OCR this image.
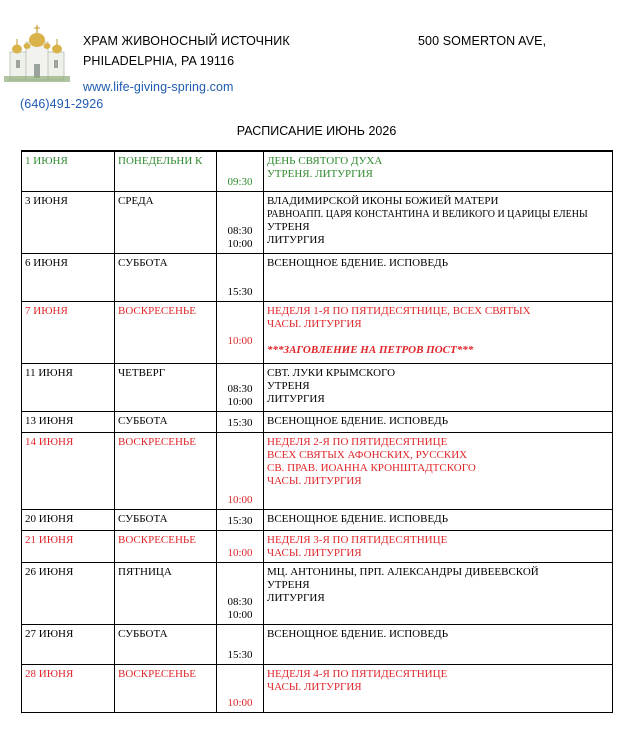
ХРАМ ЖИВОНОСНЫЙ ИСТОЧНИК	500 SOMERTON AVE,
PHILADELPHIA, PA 19116
www.life-giving-spring.com
(646)491-2926
РАСПИСАНИЕ ИЮНЬ 2026
1 ИЮНЯ	ПОНЕДЕЛЬНИ К	09:30	ДЕНЬ СВЯТОГО ДУХА
УТРЕНЯ. ЛИТУРГИЯ

3 ИЮНЯ	СРЕДА	08:30
10:00	ВЛАДИМИРСКОЙ ИКОНЫ БОЖИЕЙ МАТЕРИ
РАВНОАПП. ЦАРЯ КОНСТАНТИНА И ВЕЛИКОГО И ЦАРИЦЫ ЕЛЕНЫ
УТРЕНЯ
ЛИТУРГИЯ

6 ИЮНЯ	СУББОТА	15:30	ВСЕНОЩНОЕ БДЕНИЕ. ИСПОВЕДЬ

7 ИЮНЯ	ВОСКРЕСЕНЬЕ	10:00	НЕДЕЛЯ 1-Я ПО ПЯТИДЕСЯТНИЦЕ, ВСЕХ СВЯТЫХ
ЧАСЫ. ЛИТУРГИЯ

***ЗАГОВЛЕНИЕ НА ПЕТРОВ ПОСТ***

11 ИЮНЯ	ЧЕТВЕРГ	08:30
10:00	СВТ. ЛУКИ КРЫМСКОГО
УТРЕНЯ
ЛИТУРГИЯ

13 ИЮНЯ	СУББОТА	15:30	ВСЕНОЩНОЕ БДЕНИЕ. ИСПОВЕДЬ

14 ИЮНЯ	ВОСКРЕСЕНЬЕ	10:00	НЕДЕЛЯ 2-Я ПО ПЯТИДЕСЯТНИЦЕ
ВСЕХ СВЯТЫХ АФОНСКИХ, РУССКИХ
СВ. ПРАВ. ИОАННА КРОНШТАДТСКОГО
ЧАСЫ. ЛИТУРГИЯ

20 ИЮНЯ	СУББОТА	15:30	ВСЕНОЩНОЕ БДЕНИЕ. ИСПОВЕДЬ

21 ИЮНЯ	ВОСКРЕСЕНЬЕ	10:00	НЕДЕЛЯ 3-Я ПО ПЯТИДЕСЯТНИЦЕ
ЧАСЫ. ЛИТУРГИЯ

26 ИЮНЯ	ПЯТНИЦА	08:30
10:00	МЦ. АНТОНИНЫ, ПРП. АЛЕКСАНДРЫ ДИВЕЕВСКОЙ
УТРЕНЯ
ЛИТУРГИЯ

27 ИЮНЯ	СУББОТА	15:30	ВСЕНОЩНОЕ БДЕНИЕ. ИСПОВЕДЬ

28 ИЮНЯ	ВОСКРЕСЕНЬЕ	10:00	НЕДЕЛЯ 4-Я ПО ПЯТИДЕСЯТНИЦЕ
ЧАСЫ. ЛИТУРГИЯ
